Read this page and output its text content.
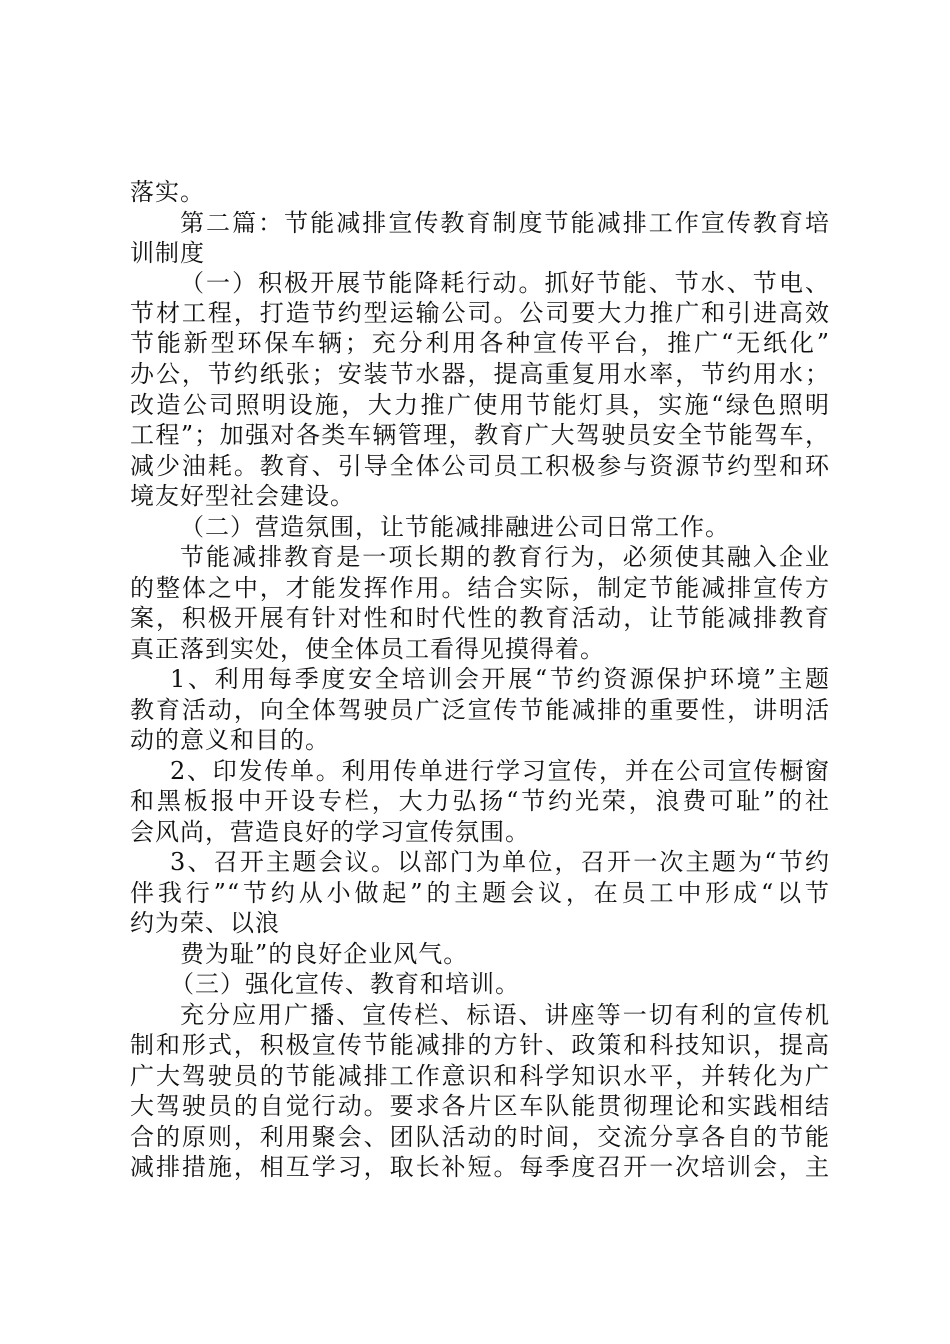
落实。
第二篇：节能减排宣传教育制度节能减排工作宣传教育培
训制度
（一）积极开展节能降耗行动。抓好节能、节水、节电、
节材工程，打造节约型运输公司。公司要大力推广和引进高效
节能新型环保车辆；充分利用各种宣传平台，推广“无纸化”
办公，节约纸张；安装节水器，提高重复用水率，节约用水；
改造公司照明设施，大力推广使用节能灯具，实施“绿色照明
工程”；加强对各类车辆管理，教育广大驾驶员安全节能驾车，
减少油耗。教育、引导全体公司员工积极参与资源节约型和环
境友好型社会建设。
（二）营造氛围，让节能减排融进公司日常工作。
节能减排教育是一项长期的教育行为，必须使其融入企业
的整体之中，才能发挥作用。结合实际，制定节能减排宣传方
案，积极开展有针对性和时代性的教育活动，让节能减排教育
真正落到实处，使全体员工看得见摸得着。
1、利用每季度安全培训会开展“节约资源保护环境”主题
教育活动，向全体驾驶员广泛宣传节能减排的重要性，讲明活
动的意义和目的。
2、印发传单。利用传单进行学习宣传，并在公司宣传橱窗
和黑板报中开设专栏，大力弘扬“节约光荣，浪费可耻”的社
会风尚，营造良好的学习宣传氛围。
3、召开主题会议。以部门为单位，召开一次主题为“节约
伴我行”“节约从小做起”的主题会议，在员工中形成“以节
约为荣、以浪
费为耻”的良好企业风气。
（三）强化宣传、教育和培训。
充分应用广播、宣传栏、标语、讲座等一切有利的宣传机
制和形式，积极宣传节能减排的方针、政策和科技知识，提高
广大驾驶员的节能减排工作意识和科学知识水平，并转化为广
大驾驶员的自觉行动。要求各片区车队能贯彻理论和实践相结
合的原则，利用聚会、团队活动的时间，交流分享各自的节能
减排措施，相互学习，取长补短。每季度召开一次培训会，主
